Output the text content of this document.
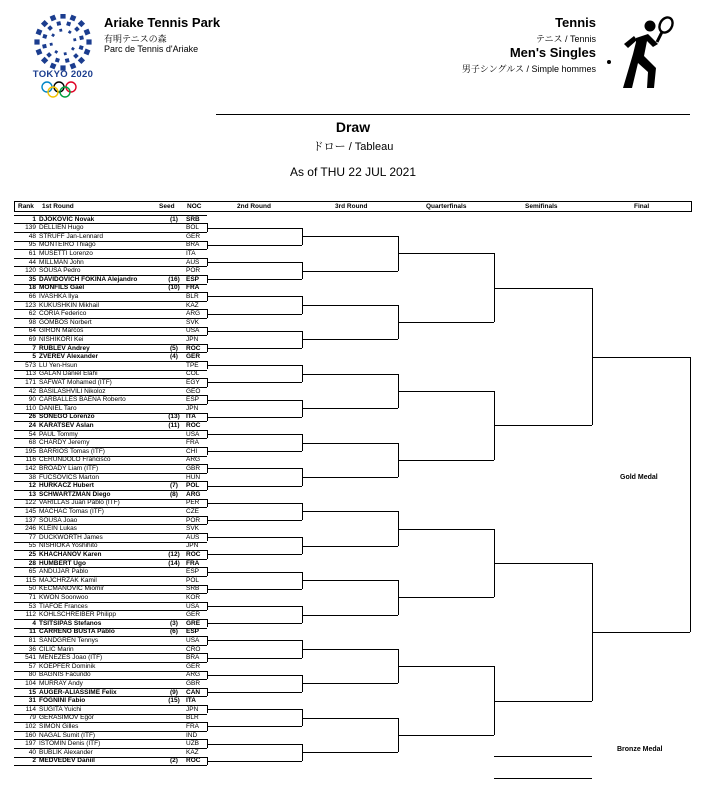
TOKYO 2020
Ariake Tennis Park
有明テニスの森
Parc de Tennis d'Ariake
Tennis
テニス / Tennis
Men's Singles
男子シングルス / Simple hommes
Draw
ドロー / Tableau
As of THU 22 JUL 2021
Rank 1st Round	Seed NOC	2nd Round	3rd Round	Quarterfinals	Semifinals	Final
1 DJOKOVIC Novak	(1)	SRB
139 DELLIEN Hugo	BOL
48 STRUFF Jan-Lennard	GER
95 MONTEIRO Thiago	BRA
61 MUSETTI Lorenzo	ITA
44 MILLMAN John	AUS
120 SOUSA Pedro	POR
35 DAVIDOVICH FOKINA Alejandro	(16) ESP
18 MONFILS Gael	(10) FRA
66 IVASHKA Ilya	BLR
123 KUKUSHKIN Mikhail	KAZ
62 CORIA Federico	ARG
98 GOMBOS Norbert	SVK
64 GIRON Marcos	USA
69 NISHIKORI Kei	JPN
7 RUBLEV Andrey	(5)	ROC
5 ZVEREV Alexander	(4)	GER
573 LU Yen-Hsun	TPE
113 GALAN Daniel Elahi	COL
171 SAFWAT Mohamed (ITF)	EGY
42 BASILASHVILI Nikoloz	GEO
90 CARBALLES BAENA Roberto	ESP
110 DANIEL Taro	JPN
26 SONEGO Lorenzo	(13) ITA
24 KARATSEV Aslan	(11) ROC
54 PAUL Tommy	USA
68 CHARDY Jeremy	FRA
195 BARRIOS Tomas (ITF)	CHI
116 CERUNDOLO Francisco	ARG
142 BROADY Liam (ITF)	GBR
38 FUCSOVICS Marton	HUN
12 HURKACZ Hubert	(7)	POL
13 SCHWARTZMAN Diego	(8)	ARG
122 VARILLAS Juan Pablo (ITF)	PER
145 MACHAC Tomas (ITF)	CZE
137 SOUSA Joao	POR
246 KLEIN Lukas	SVK
77 DUCKWORTH James	AUS
55 NISHIOKA Yoshihito	JPN
25 KHACHANOV Karen	(12) ROC
28 HUMBERT Ugo	(14) FRA
65 ANDUJAR Pablo	ESP
115 MAJCHRZAK Kamil	POL
50 KECMANOVIC Miomir	SRB
71 KWON Soonwoo	KOR
53 TIAFOE Frances	USA
112 KOHLSCHREIBER Philipp	GER
4 TSITSIPAS Stefanos	(3)	GRE
11 CARRENO BUSTA Pablo	(6)	ESP
81 SANDGREN Tennys	USA
36 CILIC Marin	CRO
541 MENEZES Joao (ITF)	BRA
57 KOEPFER Dominik	GER
80 BAGNIS Facundo	ARG
104 MURRAY Andy	GBR
15 AUGER-ALIASSIME Felix	(9)	CAN
31 FOGNINI Fabio	(15) ITA
114 SUGITA Yuichi	JPN
79 GERASIMOV Egor	BLR
102 SIMON Gilles	FRA
160 NAGAL Sumit (ITF)	IND
197 ISTOMIN Denis (ITF)	UZB
40 BUBLIK Alexander	KAZ
2 MEDVEDEV Daniil	(2)	ROC
Gold Medal
Bronze Medal
